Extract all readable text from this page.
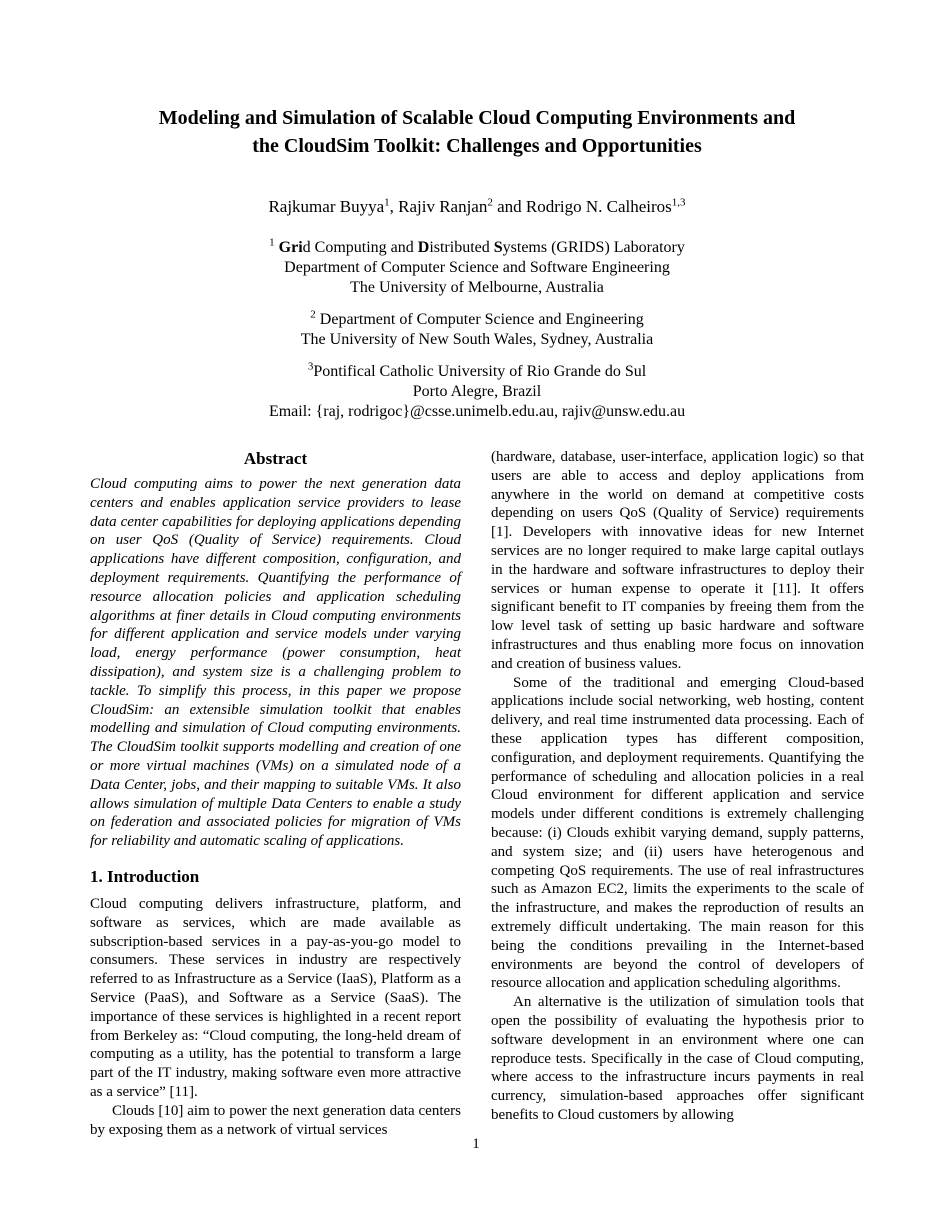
Modeling and Simulation of Scalable Cloud Computing Environments and
the CloudSim Toolkit: Challenges and Opportunities

Rajkumar Buyya$^1$, Rajiv Ranjan$^2$ and Rodrigo N. Calheiros$^{1,3}$

$^1$ Grid Computing and Distributed Systems (GRIDS) Laboratory
Department of Computer Science and Software Engineering
The University of Melbourne, Australia
$^2$ Department of Computer Science and Engineering
The University of New South Wales, Sydney, Australia
$^3$Pontifical Catholic University of Rio Grande do Sul
Porto Alegre, Brazil
Email: {raj, rodrigoc}@csse.unimelb.edu.au, rajiv@unsw.edu.au
Abstract

Cloud computing aims to power the next generation data centers and enables application service providers to lease data center capabilities for deploying applications depending on user QoS (Quality of Service) requirements. Cloud applications have different composition, configuration, and deployment requirements. Quantifying the performance of resource allocation policies and application scheduling algorithms at finer details in Cloud computing environments for different application and service models under varying load, energy performance (power consumption, heat dissipation), and system size is a challenging problem to tackle. To simplify this process, in this paper we propose CloudSim: an extensible simulation toolkit that enables modelling and simulation of Cloud computing environments. The CloudSim toolkit supports modelling and creation of one or more virtual machines (VMs) on a simulated node of a Data Center, jobs, and their mapping to suitable VMs. It also allows simulation of multiple Data Centers to enable a study on federation and associated policies for migration of VMs for reliability and automatic scaling of applications.

1. Introduction

Cloud computing delivers infrastructure, platform, and software as services, which are made available as subscription-based services in a pay-as-you-go model to consumers. These services in industry are respectively referred to as Infrastructure as a Service (IaaS), Platform as a Service (PaaS), and Software as a Service (SaaS). The importance of these services is highlighted in a recent report from Berkeley as: “Cloud computing, the long-held dream of computing as a utility, has the potential to transform a large part of the IT industry, making software even more attractive as a service” [11].

Clouds [10] aim to power the next generation data centers by exposing them as a network of virtual services

(hardware, database, user-interface, application logic) so that users are able to access and deploy applications from anywhere in the world on demand at competitive costs depending on users QoS (Quality of Service) requirements [1]. Developers with innovative ideas for new Internet services are no longer required to make large capital outlays in the hardware and software infrastructures to deploy their services or human expense to operate it [11]. It offers significant benefit to IT companies by freeing them from the low level task of setting up basic hardware and software infrastructures and thus enabling more focus on innovation and creation of business values.

Some of the traditional and emerging Cloud-based applications include social networking, web hosting, content delivery, and real time instrumented data processing. Each of these application types has different composition, configuration, and deployment requirements. Quantifying the performance of scheduling and allocation policies in a real Cloud environment for different application and service models under different conditions is extremely challenging because: (i) Clouds exhibit varying demand, supply patterns, and system size; and (ii) users have heterogenous and competing QoS requirements. The use of real infrastructures such as Amazon EC2, limits the experiments to the scale of the infrastructure, and makes the reproduction of results an extremely difficult undertaking. The main reason for this being the conditions prevailing in the Internet-based environments are beyond the control of developers of resource allocation and application scheduling algorithms.

An alternative is the utilization of simulation tools that open the possibility of evaluating the hypothesis prior to software development in an environment where one can reproduce tests. Specifically in the case of Cloud computing, where access to the infrastructure incurs payments in real currency, simulation-based approaches offer significant benefits to Cloud customers by allowing

1
